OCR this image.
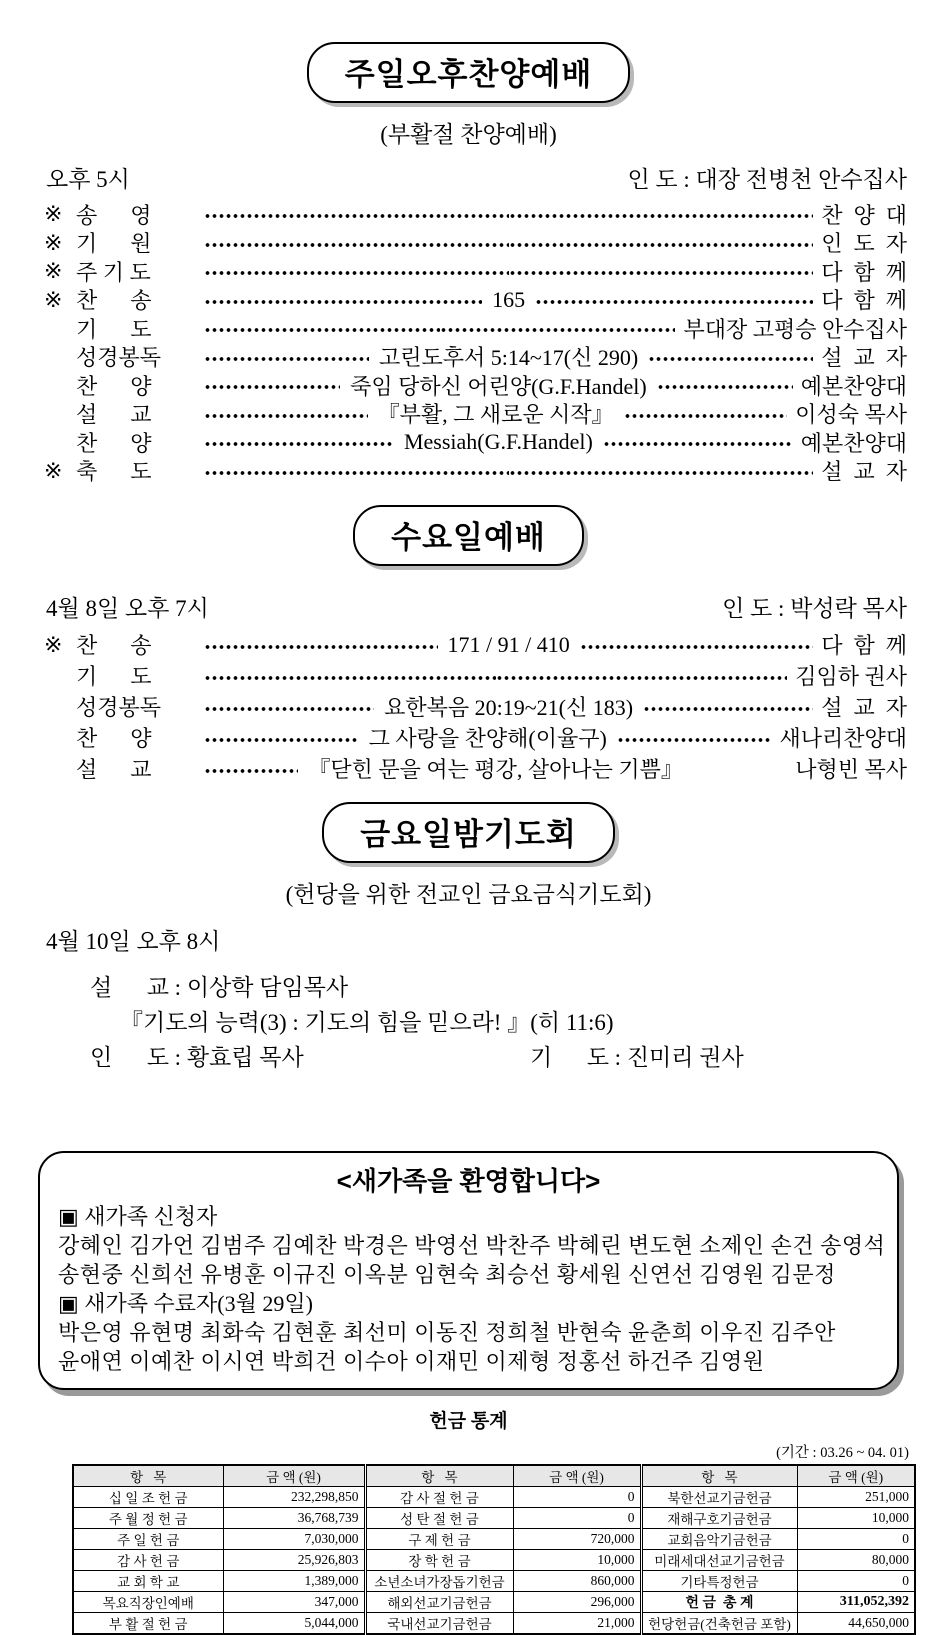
주일오후찬양예배
(부활절 찬양예배)
오후 5시	인 도 : 대장 전병천 안수집사
※ 송      영	찬  양  대
※ 기      원	인  도  자
※ 주 기 도	다  함  께
※ 찬      송	165	다  함  께
기      도	부대장 고평승 안수집사
성경봉독	고린도후서 5:14~17(신 290)	설  교  자
찬      양	죽임 당하신 어린양(G.F.Handel)	예본찬양대
설      교	『부활, 그 새로운 시작』	이성숙 목사
찬      양	Messiah(G.F.Handel)	예본찬양대
※ 축      도	설  교  자
수요일예배
4월 8일 오후 7시	인 도 : 박성락 목사
※ 찬      송	171 / 91 / 410	다  함  께
기      도	김임하 권사
성경봉독	요한복음 20:19~21(신 183)	설  교  자
찬      양	그 사랑을 찬양해(이율구)	새나리찬양대
설      교	『닫힌 문을 여는 평강, 살아나는 기쁨』	나형빈 목사
금요일밤기도회
(헌당을 위한 전교인 금요금식기도회)
4월 10일 오후 8시
설      교 : 이상학 담임목사
『기도의 능력(3) : 기도의 힘을 믿으라! 』(히 11:6)
인      도 : 황효립 목사	기      도 : 진미리 권사
<새가족을 환영합니다>
▣ 새가족 신청자
강혜인 김가언 김범주 김예찬 박경은 박영선 박찬주 박혜린 변도현 소제인 손건 송영석
송현중 신희선 유병훈 이규진 이옥분 임현숙 최승선 황세원 신연선 김영원 김문정
▣ 새가족 수료자(3월 29일)
박은영 유현명 최화숙 김현훈 최선미 이동진 정희철 반현숙 윤춘희 이우진 김주안
윤애연 이예찬 이시연 박희건 이수아 이재민 이제형 정홍선 하건주 김영원
헌금 통계
(기간 : 03.26 ~ 04. 01)
항   목	금 액 (원)	항   목	금 액 (원)	항   목	금 액 (원)
십 일 조 헌 금	232,298,850	감 사 절 헌 금	0	북한선교기금헌금	251,000
주 월 정 헌 금	36,768,739	성 탄 절 헌 금	0	재해구호기금헌금	10,000
주 일 헌 금	7,030,000	구 제 헌 금	720,000	교회음악기금헌금	0
감 사 헌 금	25,926,803	장 학 헌 금	10,000	미래세대선교기금헌금	80,000
교 회 학 교	1,389,000	소년소녀가장돕기헌금	860,000	기타특정헌금	0
목요직장인예배	347,000	해외선교기금헌금	296,000	헌 금  총 계	311,052,392
부 활 절 헌 금	5,044,000	국내선교기금헌금	21,000	헌당헌금(건축헌금 포함)	44,650,000
